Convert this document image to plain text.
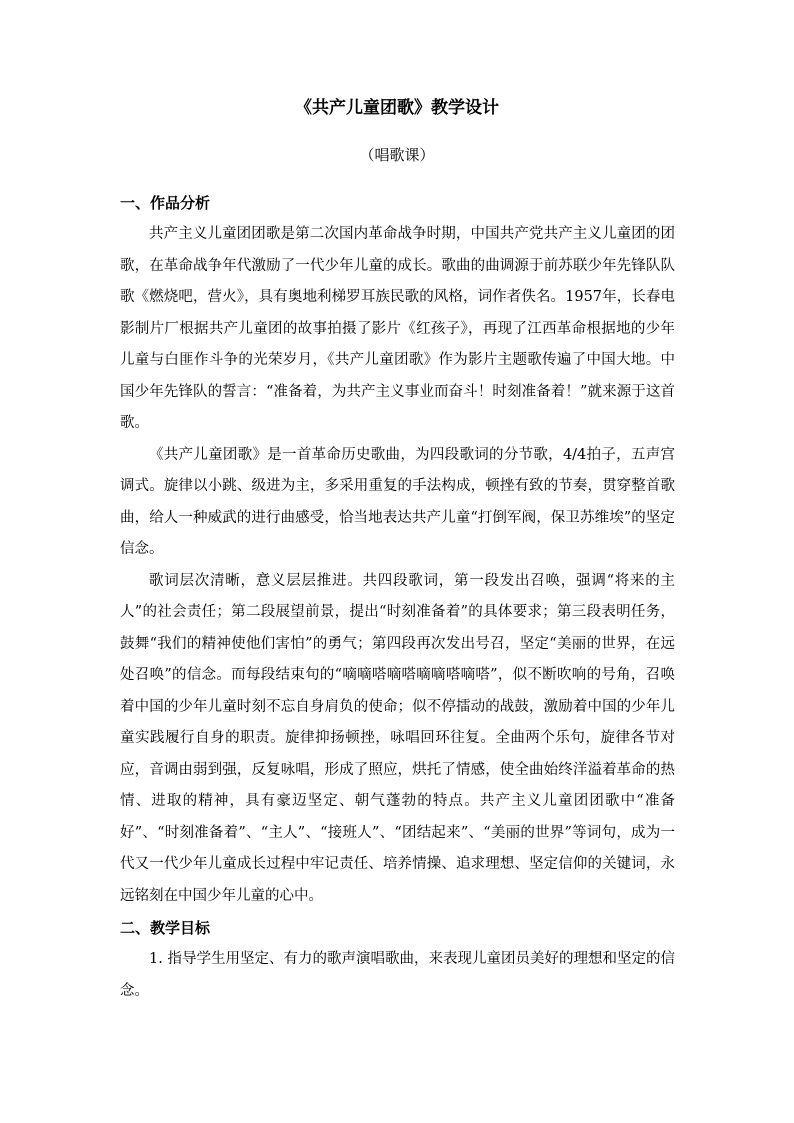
《共产儿童团歌》教学设计
（唱歌课）
一、作品分析

共产主义儿童团团歌是第二次国内革命战争时期，中国共产党共产主义儿童团的团歌，在革命战争年代激励了一代少年儿童的成长。歌曲的曲调源于前苏联少年先锋队队歌《燃烧吧，营火》，具有奥地利梯罗耳族民歌的风格，词作者佚名。1957年，长春电影制片厂根据共产儿童团的故事拍摄了影片《红孩子》，再现了江西革命根据地的少年儿童与白匪作斗争的光荣岁月，《共产儿童团歌》作为影片主题歌传遍了中国大地。中国少年先锋队的誓言：“准备着，为共产主义事业而奋斗！时刻准备着！”就来源于这首歌。

《共产儿童团歌》是一首革命历史歌曲，为四段歌词的分节歌，4/4拍子，五声宫调式。旋律以小跳、级进为主，多采用重复的手法构成，顿挫有致的节奏，贯穿整首歌曲，给人一种威武的进行曲感受，恰当地表达共产儿童“打倒军阀，保卫苏维埃”的坚定信念。

歌词层次清晰，意义层层推进。共四段歌词，第一段发出召唤，强调“将来的主人”的社会责任；第二段展望前景，提出“时刻准备着”的具体要求；第三段表明任务，鼓舞“我们的精神使他们害怕”的勇气；第四段再次发出号召，坚定“美丽的世界，在远处召唤”的信念。而每段结束句的“嘀嘀嗒嘀嗒嘀嘀嗒嘀嗒”，似不断吹响的号角，召唤着中国的少年儿童时刻不忘自身肩负的使命；似不停擂动的战鼓，激励着中国的少年儿童实践履行自身的职责。旋律抑扬顿挫，咏唱回环往复。全曲两个乐句，旋律各节对应，音调由弱到强，反复咏唱，形成了照应，烘托了情感，使全曲始终洋溢着革命的热情、进取的精神，具有豪迈坚定、朝气蓬勃的特点。共产主义儿童团团歌中“准备好”、“时刻准备着”、“主人”、“接班人”、“团结起来”、“美丽的世界”等词句，成为一代又一代少年儿童成长过程中牢记责任、培养情操、追求理想、坚定信仰的关键词，永远铭刻在中国少年儿童的心中。

二、教学目标

1. 指导学生用坚定、有力的歌声演唱歌曲，来表现儿童团员美好的理想和坚定的信念。
